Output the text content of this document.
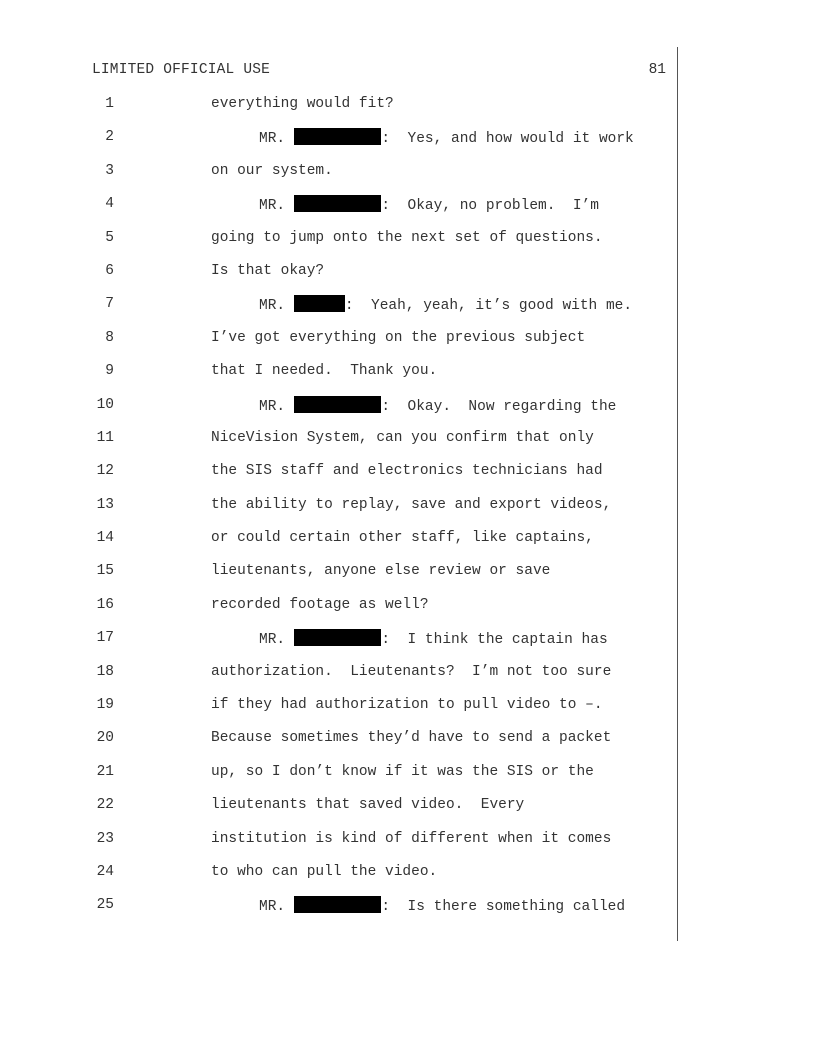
LIMITED OFFICIAL USE	81
1	everything would fit?
2	MR.	:  Yes, and how would it work
3	on our system.
4	MR.	:  Okay, no problem.  I’m
5	going to jump onto the next set of questions.
6	Is that okay?
7	MR.	:  Yeah, yeah, it’s good with me.
8	I’ve got everything on the previous subject
9	that I needed.  Thank you.
10	MR.	:  Okay.  Now regarding the
11	NiceVision System, can you confirm that only
12	the SIS staff and electronics technicians had
13	the ability to replay, save and export videos,
14	or could certain other staff, like captains,
15	lieutenants, anyone else review or save
16	recorded footage as well?
17	MR.	:  I think the captain has
18	authorization.  Lieutenants?  I’m not too sure
19	if they had authorization to pull video to –.
20	Because sometimes they’d have to send a packet
21	up, so I don’t know if it was the SIS or the
22	lieutenants that saved video.  Every
23	institution is kind of different when it comes
24	to who can pull the video.
25	MR.	:  Is there something called
